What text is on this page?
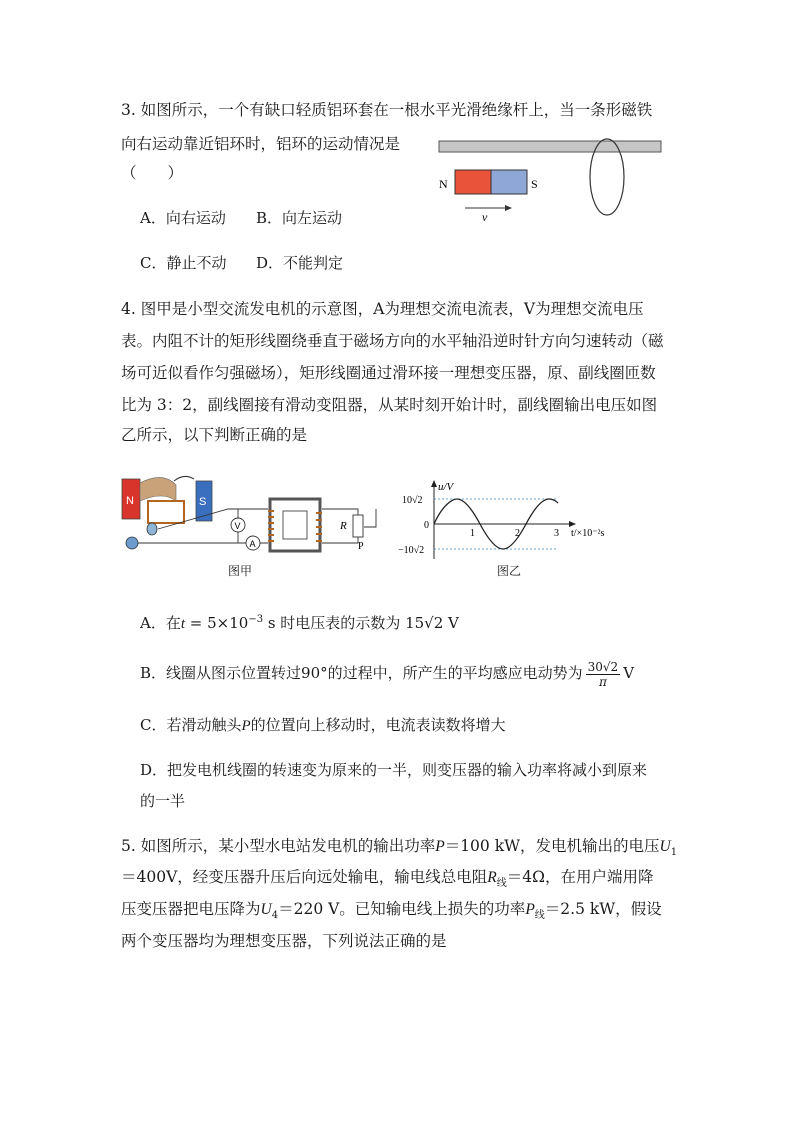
3. 如图所示，一个有缺口轻质铝环套在一根水平光滑绝缘杆上，当一条形磁铁
向右运动靠近铝环时，铝环的运动情况是
（　　）
N	S
v
A．向右运动 B．向左运动
C．静止不动 D．不能判定
4. 图甲是小型交流发电机的示意图，A为理想交流电流表，V为理想交流电压
表。内阻不计的矩形线圈绕垂直于磁场方向的水平轴沿逆时针方向匀速转动（磁
场可近似看作匀强磁场），矩形线圈通过滑环接一理想变压器，原、副线圈匝数
比为 3：2，副线圈接有滑动变阻器，从某时刻开始计时，副线圈输出电压如图
乙所示，以下判断正确的是
N	S
V
A
R
P
图甲
u/V
10√2
−10√2
0
1	2	3 t/×10⁻²s
图乙
A．在$t = 5\times 10^{-3}$ s 时电压表的示数为 15√2 V
B．线圈从图示位置转过90°的过程中，所产生的平均感应电动势为 $\frac{30√2}{\pi}$ V
C．若滑动触头P的位置向上移动时，电流表读数将增大
D．把发电机线圈的转速变为原来的一半，则变压器的输入功率将减小到原来
的一半
5. 如图所示，某小型水电站发电机的输出功率P＝100 kW，发电机输出的电压$U_1$
＝400V，经变压器升压后向远处输电，输电线总电阻$R_线=4\Omega$，在用户端用降
压变压器把电压降为$U_4=220$ V。已知输电线上损失的功率$P_线=2.5$ kW，假设
两个变压器均为理想变压器，下列说法正确的是
